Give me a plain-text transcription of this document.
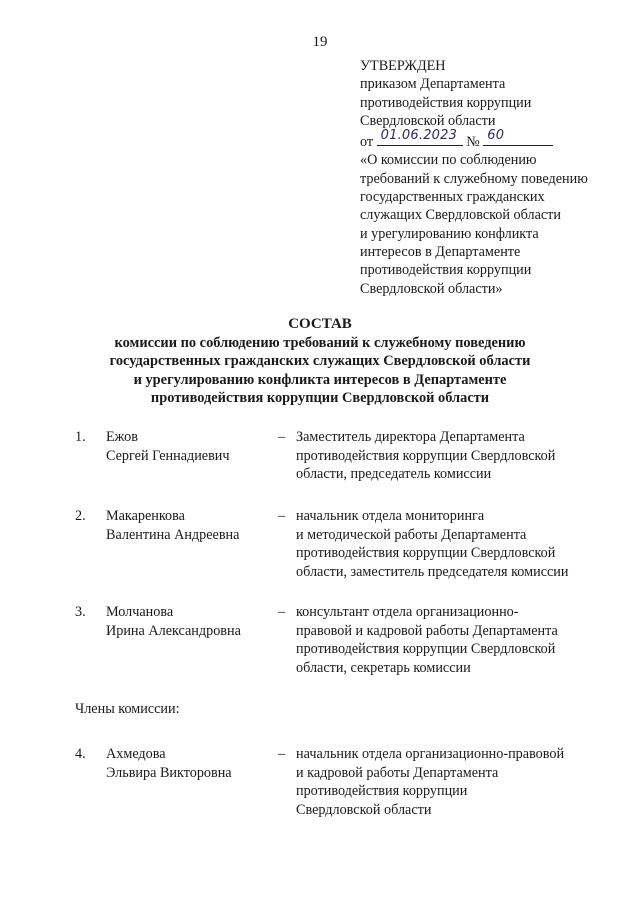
19
УТВЕРЖДЕН
приказом Департамента
противодействия коррупции
Свердловской области
от 01.06.2023 № 60
«О комиссии по соблюдению
требований к служебному поведению
государственных гражданских
служащих Свердловской области
и урегулированию конфликта
интересов в Департаменте
противодействия коррупции
Свердловской области»
СОСТАВ
комиссии по соблюдению требований к служебному поведению
государственных гражданских служащих Свердловской области
и урегулированию конфликта интересов в Департаменте
противодействия коррупции Свердловской области
1. Ежов
Сергей Геннадиевич
– Заместитель директора Департамента
противодействия коррупции Свердловской
области, председатель комиссии
2. Макаренкова
Валентина Андреевна
– начальник отдела мониторинга
и методической работы Департамента
противодействия коррупции Свердловской
области, заместитель председателя комиссии
3. Молчанова
Ирина Александровна
– консультант отдела организационно-
правовой и кадровой работы Департамента
противодействия коррупции Свердловской
области, секретарь комиссии
Члены комиссии:
4. Ахмедова
Эльвира Викторовна
– начальник отдела организационно-правовой
и кадровой работы Департамента
противодействия коррупции
Свердловской области
